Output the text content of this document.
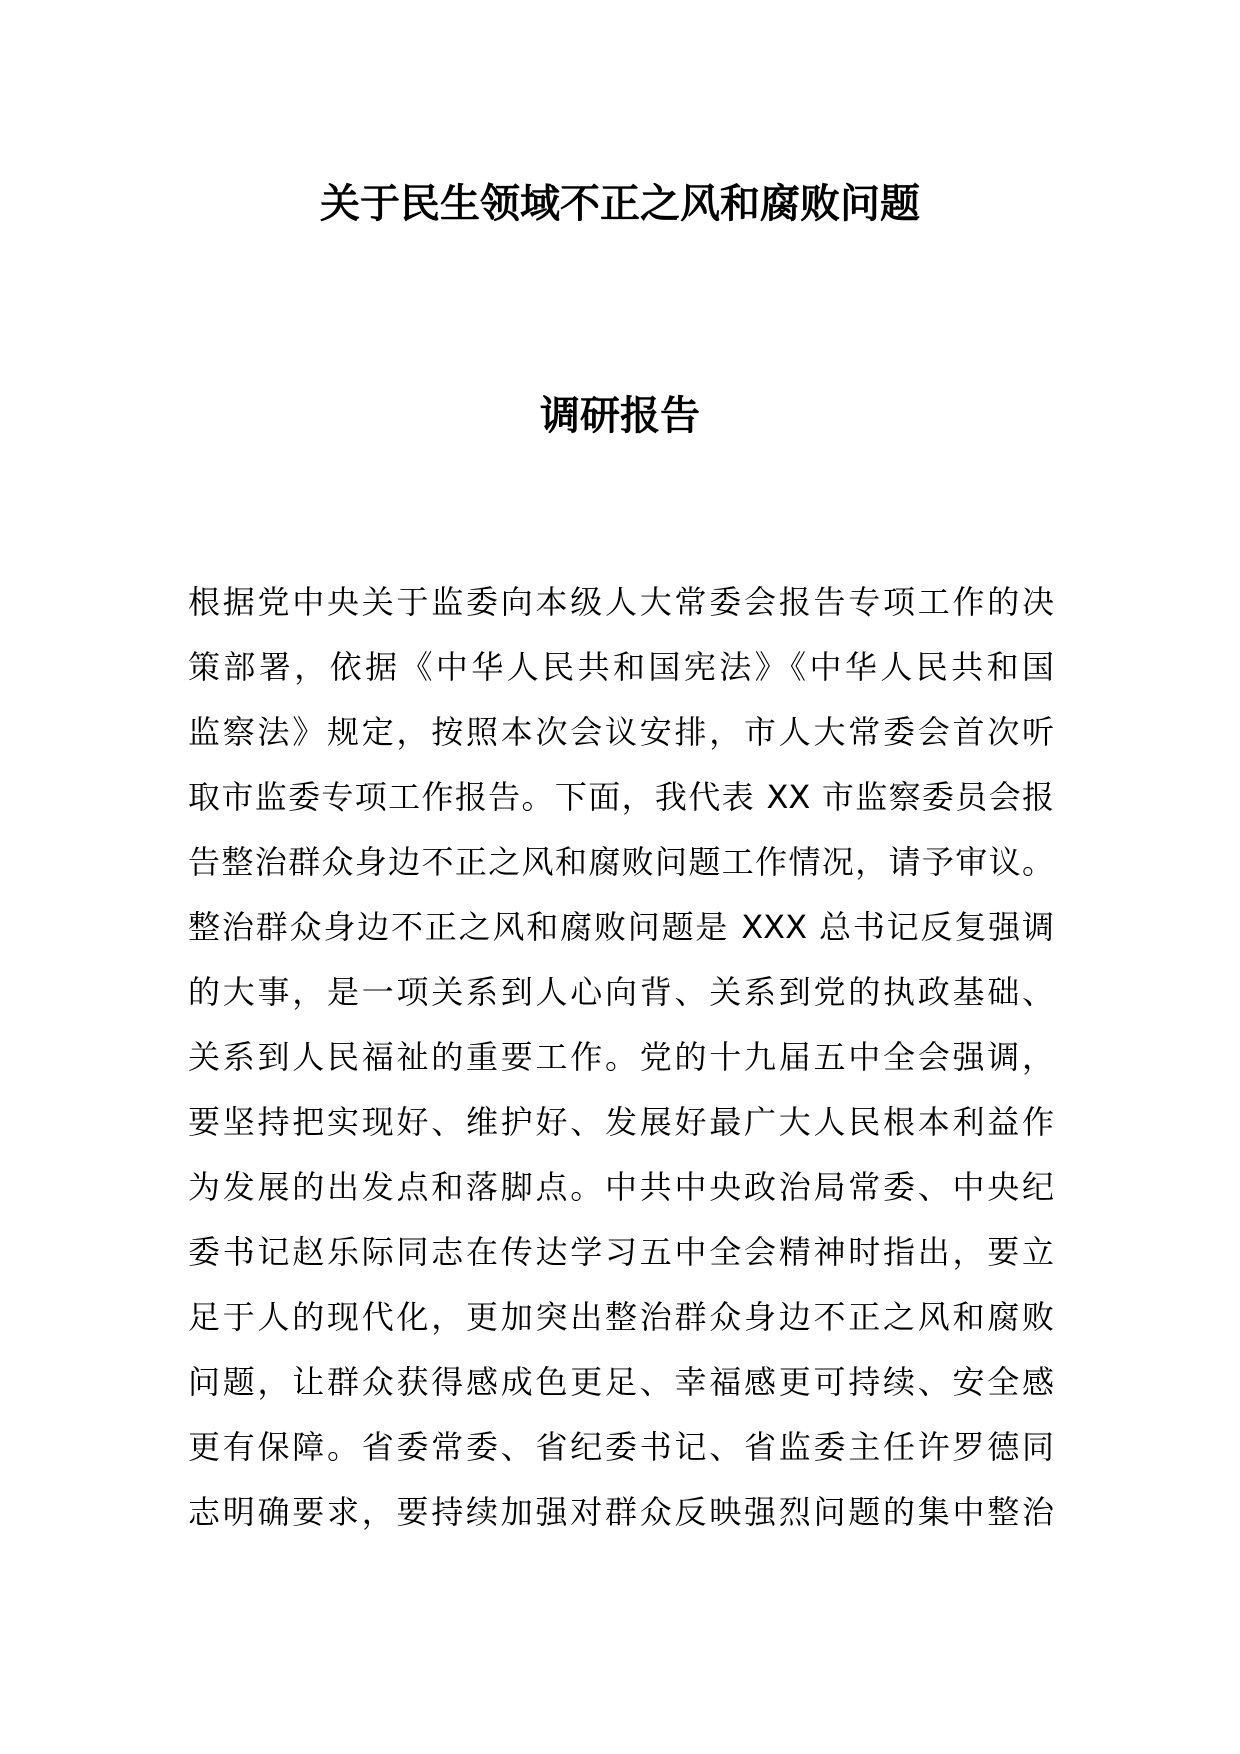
关于民生领域不正之风和腐败问题
调研报告
根据党中央关于监委向本级人大常委会报告专项工作的决
策部署，依据《中华人民共和国宪法》《中华人民共和国
监察法》规定，按照本次会议安排，市人大常委会首次听
取市监委专项工作报告。下面，我代表 XX 市监察委员会报
告整治群众身边不正之风和腐败问题工作情况，请予审议。
整治群众身边不正之风和腐败问题是 XXX 总书记反复强调
的大事，是一项关系到人心向背、关系到党的执政基础、
关系到人民福祉的重要工作。党的十九届五中全会强调，
要坚持把实现好、维护好、发展好最广大人民根本利益作
为发展的出发点和落脚点。中共中央政治局常委、中央纪
委书记赵乐际同志在传达学习五中全会精神时指出，要立
足于人的现代化，更加突出整治群众身边不正之风和腐败
问题，让群众获得感成色更足、幸福感更可持续、安全感
更有保障。省委常委、省纪委书记、省监委主任许罗德同
志明确要求，要持续加强对群众反映强烈问题的集中整治
